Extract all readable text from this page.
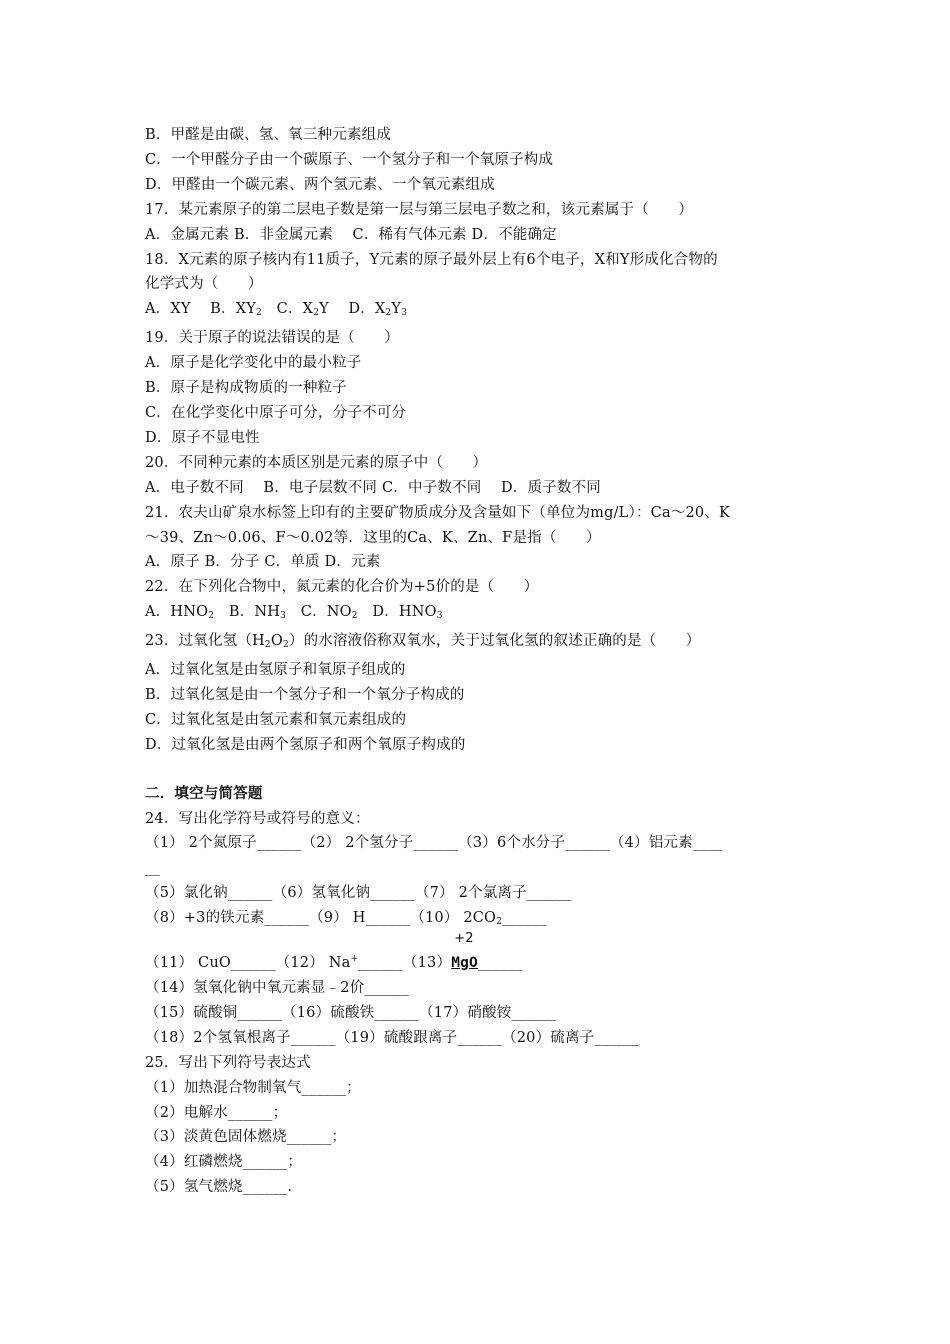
B．甲醛是由碳、氢、氧三种元素组成
C．一个甲醛分子由一个碳原子、一个氢分子和一个氧原子构成
D．甲醛由一个碳元素、两个氢元素、一个氧元素组成
17．某元素原子的第二层电子数是第一层与第三层电子数之和，该元素属于（　　）
A．金属元素 B．非金属元素　 C．稀有气体元素 D．不能确定
18．X元素的原子核内有11质子，Y元素的原子最外层上有6个电子，X和Y形成化合物的
化学式为（　　）
A．XY　 B．$XY_2$　C．$X_2Y$　 D．$X_2Y_3$
19．关于原子的说法错误的是（　　）
A．原子是化学变化中的最小粒子
B．原子是构成物质的一种粒子
C．在化学变化中原子可分，分子不可分
D．原子不显电性
20．不同种元素的本质区别是元素的原子中（　　）
A．电子数不同　 B．电子层数不同 C．中子数不同　 D．质子数不同
21．农夫山矿泉水标签上印有的主要矿物质成分及含量如下（单位为mg/L）：Ca～20、K
～39、Zn～0.06、F～0.02等．这里的Ca、K、Zn、F是指（　　）
A．原子 B．分子 C．单质 D．元素
22．在下列化合物中，氮元素的化合价为+5价的是（　　）
A．$HNO_2$　B．$NH_3$　C．$NO_2$　D．$HNO_3$
23．过氧化氢$(H_2O_2)$的水溶液俗称双氧水，关于过氧化氢的叙述正确的是（　　）
A．过氧化氢是由氢原子和氧原子组成的
B．过氧化氢是由一个氢分子和一个氧分子构成的
C．过氧化氢是由氢元素和氧元素组成的
D．过氧化氢是由两个氢原子和两个氧原子构成的
二．填空与简答题
24．写出化学符号或符号的意义：
（1） 2个氮原子______（2） 2个氢分子______（3）6个水分子______（4）铝元素____
__
（5）氯化钠______（6）氢氧化钠______（7） 2个氯离子______
（8）+3的铁元素______（9） H______（10） $2CO_2\_\_\_\_\_\_$
（11） CuO______（12） Na+______（13）
+2
MgO______
（14）氢氧化钠中氧元素显﹣2价______
（15）硫酸铜______（16）硫酸铁______（17）硝酸铵______
（18）2个氢氧根离子______（19）硫酸跟离子______（20）硫离子______
25．写出下列符号表达式
（1）加热混合物制氧气______；
（2）电解水______；
（3）淡黄色固体燃烧______；
（4）红磷燃烧______；
（5）氢气燃烧______.
